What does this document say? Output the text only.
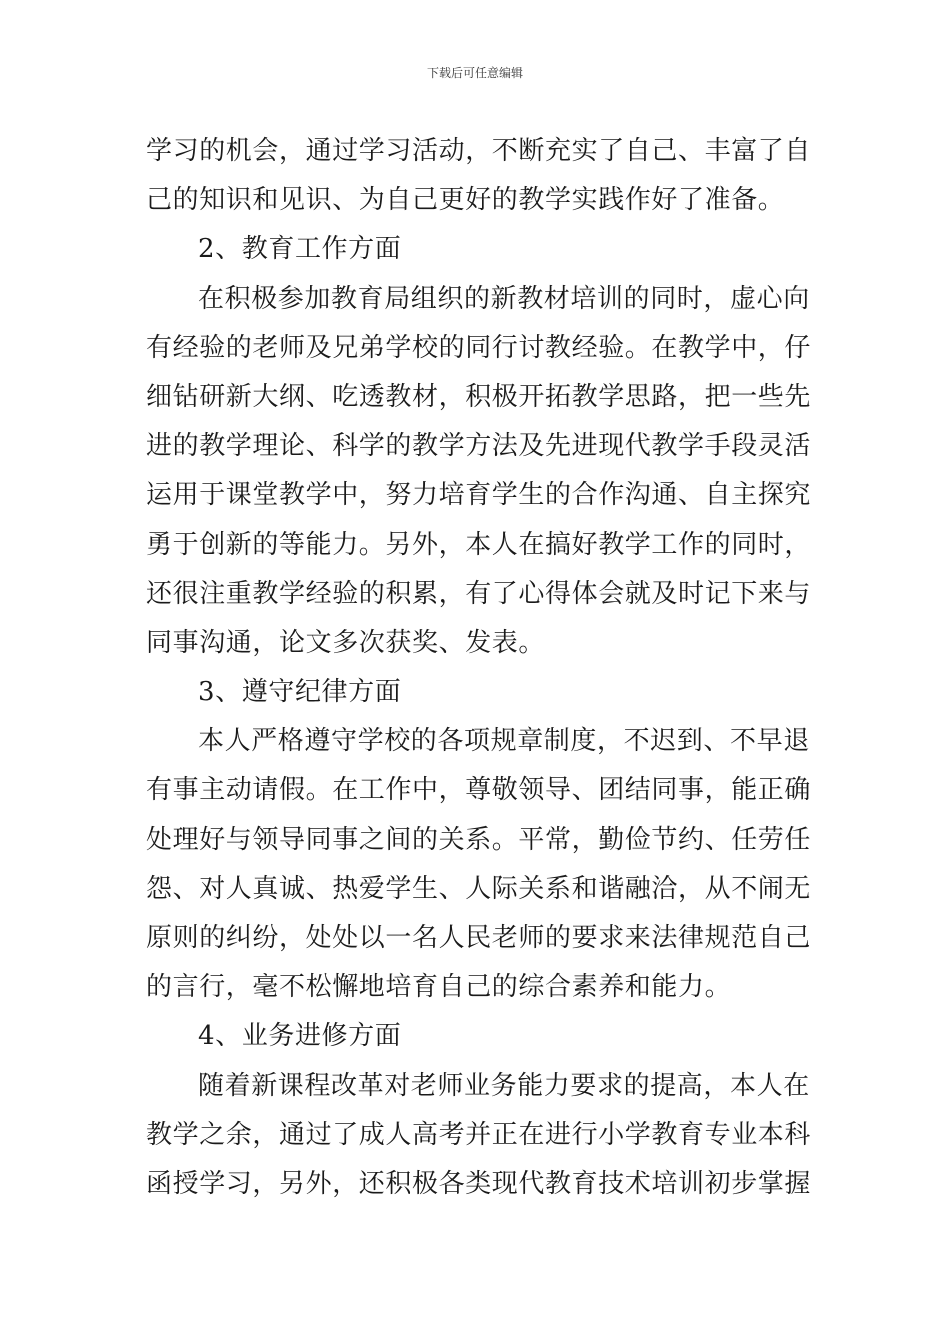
下载后可任意编辑
学习的机会，通过学习活动，不断充实了自己、丰富了自
己的知识和见识、为自己更好的教学实践作好了准备。
2、教育工作方面
在积极参加教育局组织的新教材培训的同时，虚心向
有经验的老师及兄弟学校的同行讨教经验。在教学中，仔
细钻研新大纲、吃透教材，积极开拓教学思路，把一些先
进的教学理论、科学的教学方法及先进现代教学手段灵活
运用于课堂教学中，努力培育学生的合作沟通、自主探究
勇于创新的等能力。另外，本人在搞好教学工作的同时，
还很注重教学经验的积累，有了心得体会就及时记下来与
同事沟通，论文多次获奖、发表。
3、遵守纪律方面
本人严格遵守学校的各项规章制度，不迟到、不早退
有事主动请假。在工作中，尊敬领导、团结同事，能正确
处理好与领导同事之间的关系。平常，勤俭节约、任劳任
怨、对人真诚、热爱学生、人际关系和谐融洽，从不闹无
原则的纠纷，处处以一名人民老师的要求来法律规范自己
的言行，毫不松懈地培育自己的综合素养和能力。
4、业务进修方面
随着新课程改革对老师业务能力要求的提高，本人在
教学之余，通过了成人高考并正在进行小学教育专业本科
函授学习，另外，还积极各类现代教育技术培训初步掌握
